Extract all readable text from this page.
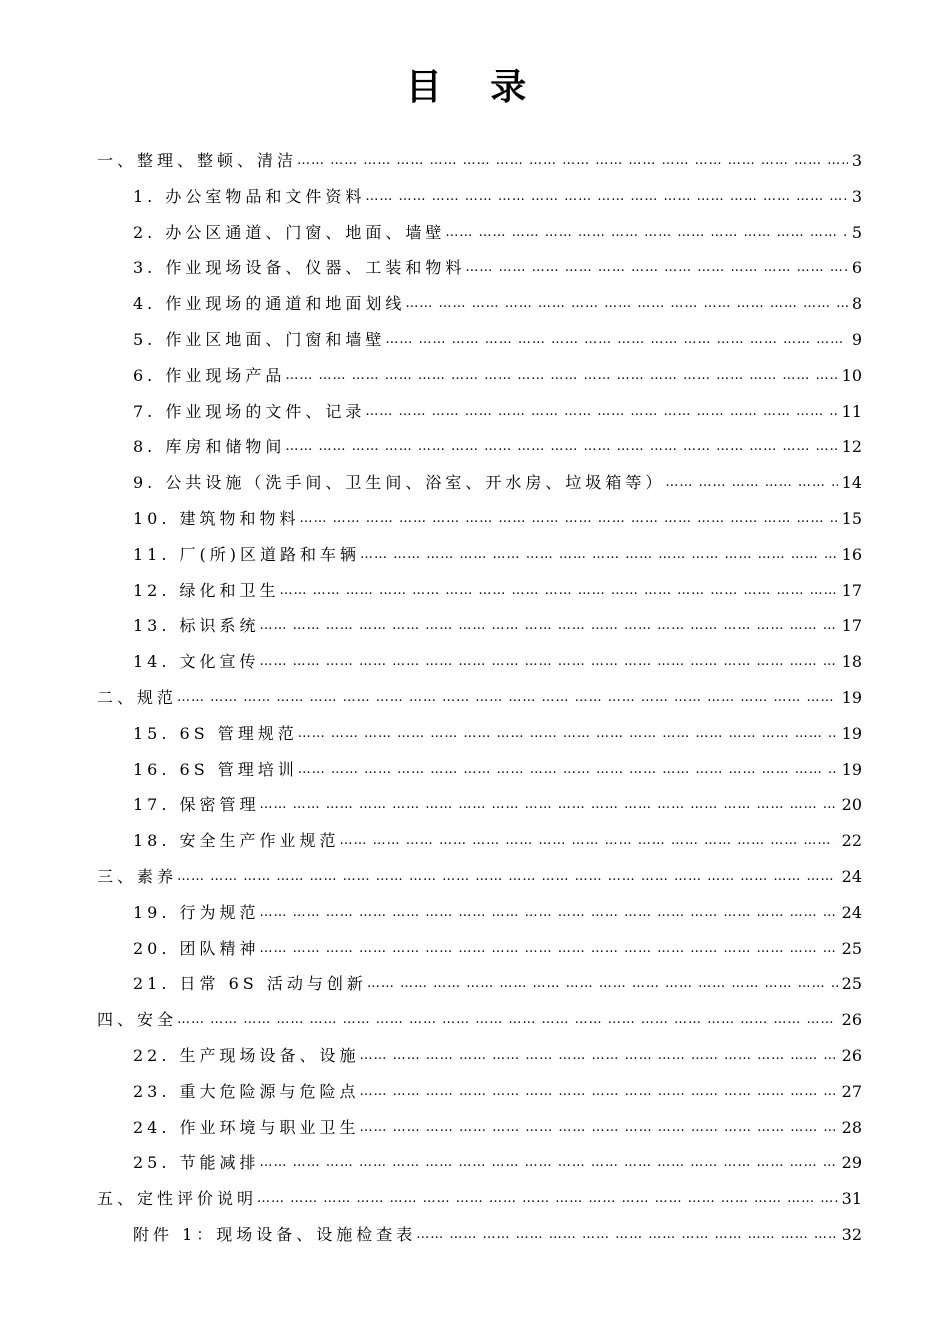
目 录
一、整理、整顿、清洁 …… …… …… …… …… …… …… …… …… …… …… …… …… …… …… …… …… …… …… …… …… …… …… …… …… …… …… …… …… …… …… …… …… …… …… …… …… …… …… …… …… …… …… …… …… …… ……	3
1. 办公室物品和文件资料 …… …… …… …… …… …… …… …… …… …… …… …… …… …… …… …… …… …… …… …… …… …… …… …… …… …… …… …… …… …… …… …… …… …… …… …… …… …… …… …… …… …… …… …… …… …… ……	3
2. 办公区通道、门窗、地面、墙壁 …… …… …… …… …… …… …… …… …… …… …… …… …… …… …… …… …… …… …… …… …… …… …… …… …… …… …… …… …… …… …… …… …… …… …… …… …… …… …… …… …… …… …… …… …… …… ……	5
3. 作业现场设备、仪器、工装和物料 …… …… …… …… …… …… …… …… …… …… …… …… …… …… …… …… …… …… …… …… …… …… …… …… …… …… …… …… …… …… …… …… …… …… …… …… …… …… …… …… …… …… …… …… …… …… ……	6
4. 作业现场的通道和地面划线 …… …… …… …… …… …… …… …… …… …… …… …… …… …… …… …… …… …… …… …… …… …… …… …… …… …… …… …… …… …… …… …… …… …… …… …… …… …… …… …… …… …… …… …… …… …… ……	8
5. 作业区地面、门窗和墙壁 …… …… …… …… …… …… …… …… …… …… …… …… …… …… …… …… …… …… …… …… …… …… …… …… …… …… …… …… …… …… …… …… …… …… …… …… …… …… …… …… …… …… …… …… …… …… ……	9
6. 作业现场产品 …… …… …… …… …… …… …… …… …… …… …… …… …… …… …… …… …… …… …… …… …… …… …… …… …… …… …… …… …… …… …… …… …… …… …… …… …… …… …… …… …… …… …… …… …… …… ……	10
7. 作业现场的文件、记录 …… …… …… …… …… …… …… …… …… …… …… …… …… …… …… …… …… …… …… …… …… …… …… …… …… …… …… …… …… …… …… …… …… …… …… …… …… …… …… …… …… …… …… …… …… …… ……	11
8. 库房和储物间 …… …… …… …… …… …… …… …… …… …… …… …… …… …… …… …… …… …… …… …… …… …… …… …… …… …… …… …… …… …… …… …… …… …… …… …… …… …… …… …… …… …… …… …… …… …… ……	12
9. 公共设施（洗手间、卫生间、浴室、开水房、垃圾箱等） …… …… …… …… …… …… …… …… …… …… …… …… …… …… …… …… …… …… …… …… …… …… …… …… …… …… …… …… …… …… …… …… …… …… …… …… …… …… …… …… …… …… …… …… …… …… ……	14
10. 建筑物和物料 …… …… …… …… …… …… …… …… …… …… …… …… …… …… …… …… …… …… …… …… …… …… …… …… …… …… …… …… …… …… …… …… …… …… …… …… …… …… …… …… …… …… …… …… …… …… ……	15
11. 厂(所)区道路和车辆 …… …… …… …… …… …… …… …… …… …… …… …… …… …… …… …… …… …… …… …… …… …… …… …… …… …… …… …… …… …… …… …… …… …… …… …… …… …… …… …… …… …… …… …… …… …… ……	16
12. 绿化和卫生 …… …… …… …… …… …… …… …… …… …… …… …… …… …… …… …… …… …… …… …… …… …… …… …… …… …… …… …… …… …… …… …… …… …… …… …… …… …… …… …… …… …… …… …… …… …… ……	17
13. 标识系统 …… …… …… …… …… …… …… …… …… …… …… …… …… …… …… …… …… …… …… …… …… …… …… …… …… …… …… …… …… …… …… …… …… …… …… …… …… …… …… …… …… …… …… …… …… …… ……	17
14. 文化宣传 …… …… …… …… …… …… …… …… …… …… …… …… …… …… …… …… …… …… …… …… …… …… …… …… …… …… …… …… …… …… …… …… …… …… …… …… …… …… …… …… …… …… …… …… …… …… ……	18
二、规范 …… …… …… …… …… …… …… …… …… …… …… …… …… …… …… …… …… …… …… …… …… …… …… …… …… …… …… …… …… …… …… …… …… …… …… …… …… …… …… …… …… …… …… …… …… …… ……	19
15. 6S 管理规范 …… …… …… …… …… …… …… …… …… …… …… …… …… …… …… …… …… …… …… …… …… …… …… …… …… …… …… …… …… …… …… …… …… …… …… …… …… …… …… …… …… …… …… …… …… …… ……	19
16. 6S 管理培训 …… …… …… …… …… …… …… …… …… …… …… …… …… …… …… …… …… …… …… …… …… …… …… …… …… …… …… …… …… …… …… …… …… …… …… …… …… …… …… …… …… …… …… …… …… …… ……	19
17. 保密管理 …… …… …… …… …… …… …… …… …… …… …… …… …… …… …… …… …… …… …… …… …… …… …… …… …… …… …… …… …… …… …… …… …… …… …… …… …… …… …… …… …… …… …… …… …… …… ……	20
18. 安全生产作业规范 …… …… …… …… …… …… …… …… …… …… …… …… …… …… …… …… …… …… …… …… …… …… …… …… …… …… …… …… …… …… …… …… …… …… …… …… …… …… …… …… …… …… …… …… …… …… ……	22
三、素养 …… …… …… …… …… …… …… …… …… …… …… …… …… …… …… …… …… …… …… …… …… …… …… …… …… …… …… …… …… …… …… …… …… …… …… …… …… …… …… …… …… …… …… …… …… …… ……	24
19. 行为规范 …… …… …… …… …… …… …… …… …… …… …… …… …… …… …… …… …… …… …… …… …… …… …… …… …… …… …… …… …… …… …… …… …… …… …… …… …… …… …… …… …… …… …… …… …… …… ……	24
20. 团队精神 …… …… …… …… …… …… …… …… …… …… …… …… …… …… …… …… …… …… …… …… …… …… …… …… …… …… …… …… …… …… …… …… …… …… …… …… …… …… …… …… …… …… …… …… …… …… ……	25
21. 日常 6S 活动与创新 …… …… …… …… …… …… …… …… …… …… …… …… …… …… …… …… …… …… …… …… …… …… …… …… …… …… …… …… …… …… …… …… …… …… …… …… …… …… …… …… …… …… …… …… …… …… ……	25
四、安全 …… …… …… …… …… …… …… …… …… …… …… …… …… …… …… …… …… …… …… …… …… …… …… …… …… …… …… …… …… …… …… …… …… …… …… …… …… …… …… …… …… …… …… …… …… …… ……	26
22. 生产现场设备、设施 …… …… …… …… …… …… …… …… …… …… …… …… …… …… …… …… …… …… …… …… …… …… …… …… …… …… …… …… …… …… …… …… …… …… …… …… …… …… …… …… …… …… …… …… …… …… ……	26
23. 重大危险源与危险点 …… …… …… …… …… …… …… …… …… …… …… …… …… …… …… …… …… …… …… …… …… …… …… …… …… …… …… …… …… …… …… …… …… …… …… …… …… …… …… …… …… …… …… …… …… …… ……	27
24. 作业环境与职业卫生 …… …… …… …… …… …… …… …… …… …… …… …… …… …… …… …… …… …… …… …… …… …… …… …… …… …… …… …… …… …… …… …… …… …… …… …… …… …… …… …… …… …… …… …… …… …… ……	28
25. 节能减排 …… …… …… …… …… …… …… …… …… …… …… …… …… …… …… …… …… …… …… …… …… …… …… …… …… …… …… …… …… …… …… …… …… …… …… …… …… …… …… …… …… …… …… …… …… …… ……	29
五、定性评价说明 …… …… …… …… …… …… …… …… …… …… …… …… …… …… …… …… …… …… …… …… …… …… …… …… …… …… …… …… …… …… …… …… …… …… …… …… …… …… …… …… …… …… …… …… …… …… ……	31
附件 1：现场设备、设施检查表 …… …… …… …… …… …… …… …… …… …… …… …… …… …… …… …… …… …… …… …… …… …… …… …… …… …… …… …… …… …… …… …… …… …… …… …… …… …… …… …… …… …… …… …… …… …… ……	32
